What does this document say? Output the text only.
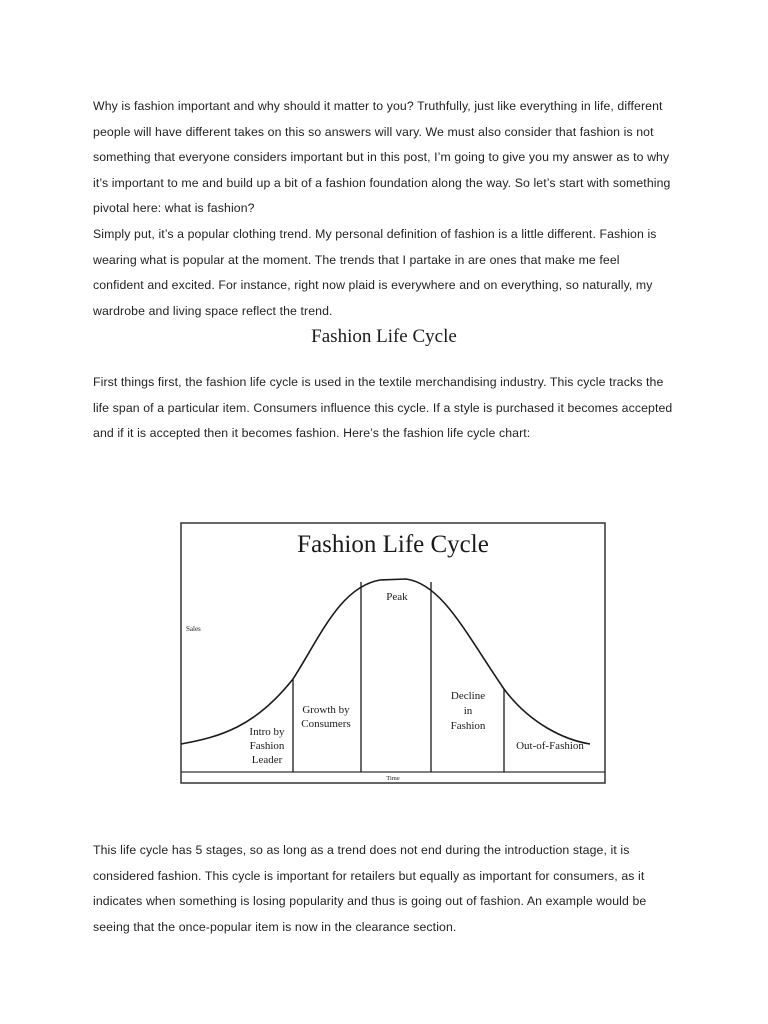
Why is fashion important and why should it matter to you? Truthfully, just like everything in life, different people will have different takes on this so answers will vary. We must also consider that fashion is not something that everyone considers important but in this post, I’m going to give you my answer as to why it’s important to me and build up a bit of a fashion foundation along the way. So let’s start with something pivotal here: what is fashion?
Simply put, it’s a popular clothing trend. My personal definition of fashion is a little different. Fashion is wearing what is popular at the moment. The trends that I partake in are ones that make me feel confident and excited. For instance, right now plaid is everywhere and on everything, so naturally, my wardrobe and living space reflect the trend.

Fashion Life Cycle

First things first, the fashion life cycle is used in the textile merchandising industry. This cycle tracks the life span of a particular item. Consumers influence this cycle. If a style is purchased it becomes accepted and if it is accepted then it becomes fashion. Here’s the fashion life cycle chart:

Fashion Life Cycle
Sales
Time
Intro by
Fashion
Leader
Growth by
Consumers
Peak
Decline
in
Fashion
Out-of-Fashion

This life cycle has 5 stages, so as long as a trend does not end during the introduction stage, it is considered fashion. This cycle is important for retailers but equally as important for consumers, as it indicates when something is losing popularity and thus is going out of fashion. An example would be seeing that the once-popular item is now in the clearance section.
